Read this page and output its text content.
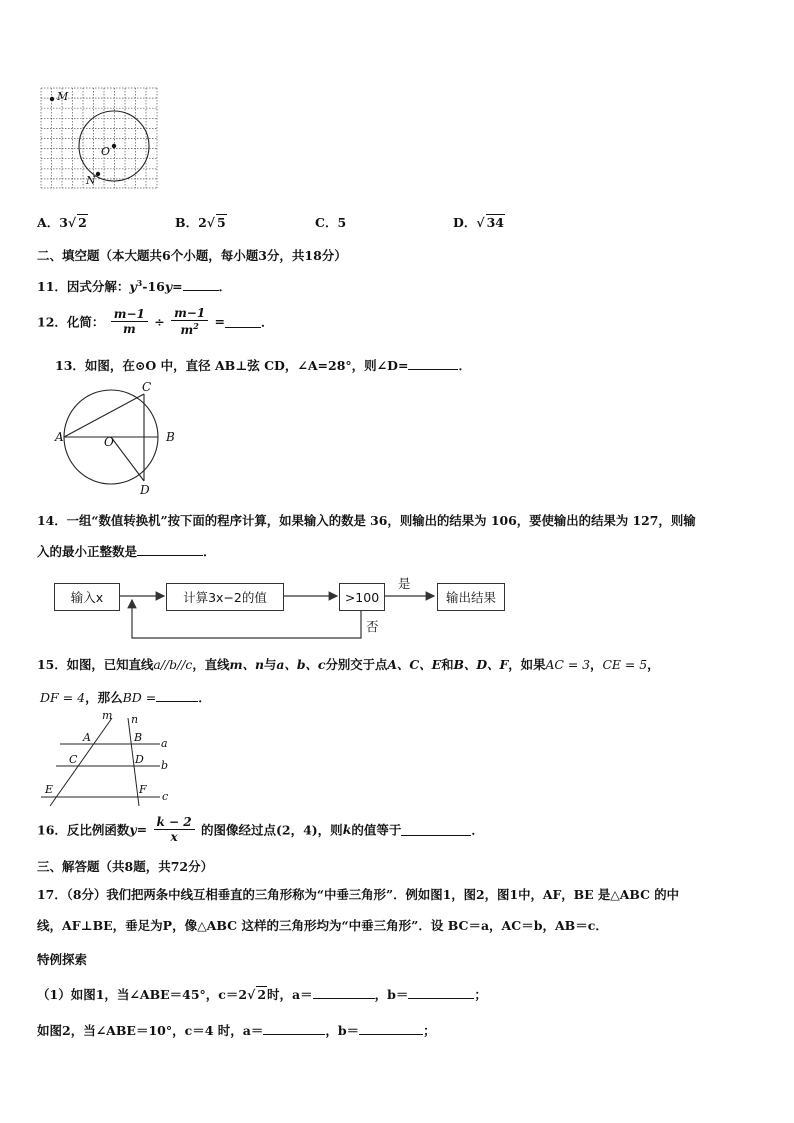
M
O
N
A．3√ 2	B．2√ 5	C．5	D．√ 34
二、填空题（本大题共6个小题，每小题3分，共18分）
11．因式分解：$y^3-16y=$	．
12．化简： $\frac{m-1}{m} \div \frac{m-1}{m^2}$ =	．
13．如图，在⊙O 中，直径 AB⊥弦 CD，∠A=28°，则∠D=	．
C
A	O	B
D
14．一组“数值转换机”按下面的程序计算，如果输入的数是 36，则输出的结果为 106，要使输出的结果为 127，则输
入的最小正整数是	．
输入x	计算3x−2的值	>100	输出结果
是
否
15．如图，已知直线a//b//c，直线m、n与a、b、c分别交于点A、C、E和B、D、F，如果AC = 3，CE = 5，
DF = 4，那么BD =	．
m n
A	B
C	D
E	F
a
b
c
16．反比例函数$y= \frac{k - 2}{x}$ 的图像经过点(2，4)，则k的值等于	．
三、解答题（共8题，共72分）
17．（8分）我们把两条中线互相垂直的三角形称为“中垂三角形”．例如图1，图2，图1中，AF，BE 是△ABC 的中
线，AF⊥BE，垂足为P，像△ABC 这样的三角形均为“中垂三角形”．设 BC＝a，AC＝b，AB＝c．
特例探索
（1）如图1，当∠ABE＝45°，c＝2√ 2时，a＝	，b＝	；
如图2，当∠ABE＝10°，c＝4 时，a＝	，b＝	；
